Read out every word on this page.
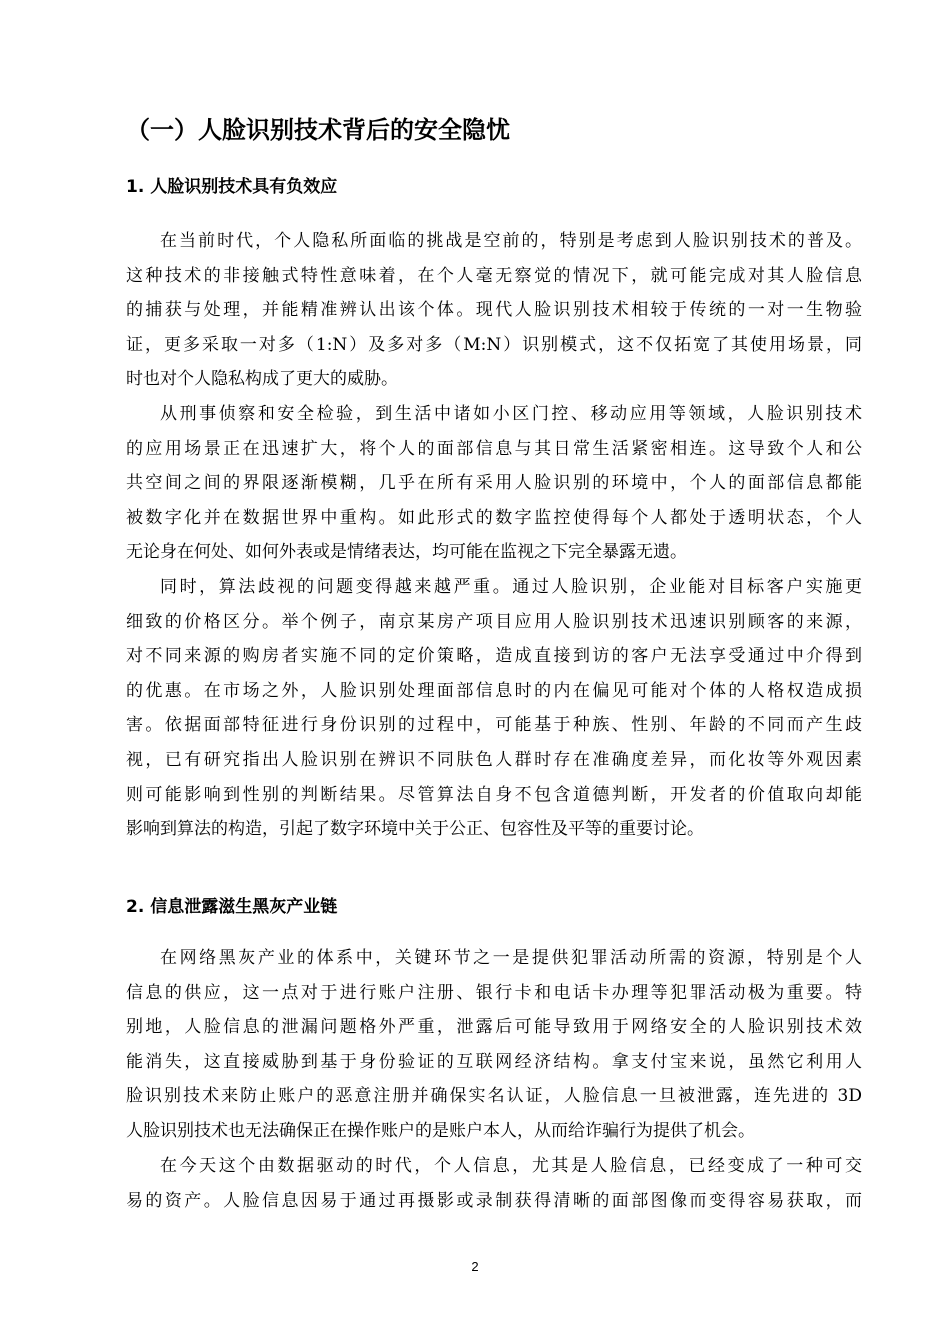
（一）人脸识别技术背后的安全隐忧
1. 人脸识别技术具有负效应
在当前时代，个人隐私所面临的挑战是空前的，特别是考虑到人脸识别技术的普及。
这种技术的非接触式特性意味着，在个人毫无察觉的情况下，就可能完成对其人脸信息
的捕获与处理，并能精准辨认出该个体。现代人脸识别技术相较于传统的一对一生物验
证，更多采取一对多（1:N）及多对多（M:N）识别模式，这不仅拓宽了其使用场景，同
时也对个人隐私构成了更大的威胁。
从刑事侦察和安全检验，到生活中诸如小区门控、移动应用等领域，人脸识别技术
的应用场景正在迅速扩大，将个人的面部信息与其日常生活紧密相连。这导致个人和公
共空间之间的界限逐渐模糊，几乎在所有采用人脸识别的环境中，个人的面部信息都能
被数字化并在数据世界中重构。如此形式的数字监控使得每个人都处于透明状态，个人
无论身在何处、如何外表或是情绪表达，均可能在监视之下完全暴露无遗。
同时，算法歧视的问题变得越来越严重。通过人脸识别，企业能对目标客户实施更
细致的价格区分。举个例子，南京某房产项目应用人脸识别技术迅速识别顾客的来源，
对不同来源的购房者实施不同的定价策略，造成直接到访的客户无法享受通过中介得到
的优惠。在市场之外，人脸识别处理面部信息时的内在偏见可能对个体的人格权造成损
害。依据面部特征进行身份识别的过程中，可能基于种族、性别、年龄的不同而产生歧
视，已有研究指出人脸识别在辨识不同肤色人群时存在准确度差异，而化妆等外观因素
则可能影响到性别的判断结果。尽管算法自身不包含道德判断，开发者的价值取向却能
影响到算法的构造，引起了数字环境中关于公正、包容性及平等的重要讨论。
2. 信息泄露滋生黑灰产业链
在网络黑灰产业的体系中，关键环节之一是提供犯罪活动所需的资源，特别是个人
信息的供应，这一点对于进行账户注册、银行卡和电话卡办理等犯罪活动极为重要。特
别地，人脸信息的泄漏问题格外严重，泄露后可能导致用于网络安全的人脸识别技术效
能消失，这直接威胁到基于身份验证的互联网经济结构。拿支付宝来说，虽然它利用人
脸识别技术来防止账户的恶意注册并确保实名认证，人脸信息一旦被泄露，连先进的 3D
人脸识别技术也无法确保正在操作账户的是账户本人，从而给诈骗行为提供了机会。
在今天这个由数据驱动的时代，个人信息，尤其是人脸信息，已经变成了一种可交
易的资产。人脸信息因易于通过再摄影或录制获得清晰的面部图像而变得容易获取，而
2
